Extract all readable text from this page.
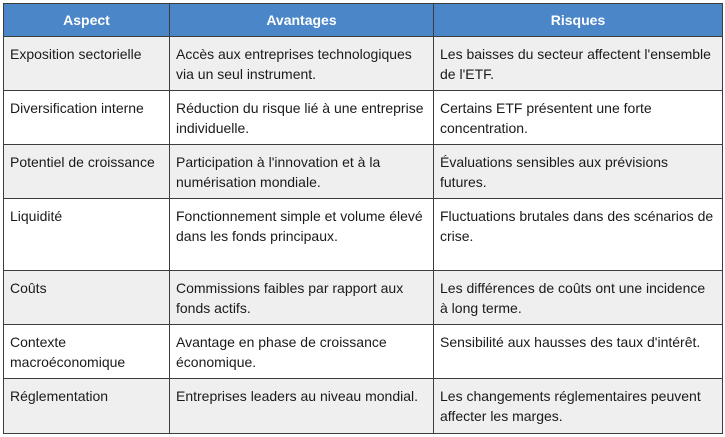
Aspect	Avantages	Risques
Exposition sectorielle	Accès aux entreprises technologiques via un seul instrument.	Les baisses du secteur affectent l'ensemble de l'ETF.
Diversification interne	Réduction du risque lié à une entreprise individuelle.	Certains ETF présentent une forte concentration.
Potentiel de croissance	Participation à l'innovation et à la numérisation mondiale.	Évaluations sensibles aux prévisions futures.
Liquidité	Fonctionnement simple et volume élevé dans les fonds principaux.	Fluctuations brutales dans des scénarios de crise.
Coûts	Commissions faibles par rapport aux fonds actifs.	Les différences de coûts ont une incidence à long terme.
Contexte macroéconomique	Avantage en phase de croissance économique.	Sensibilité aux hausses des taux d'intérêt.
Réglementation	Entreprises leaders au niveau mondial.	Les changements réglementaires peuvent affecter les marges.
